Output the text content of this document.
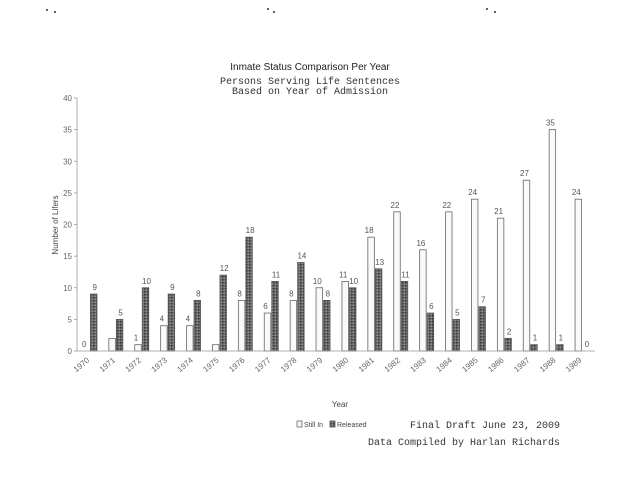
Inmate Status Comparison Per Year
Persons Serving Life Sentences
Based on Year of Admission
0
5
10
15
20
25
30
35
40
Number of Lifers
0
9
5
1
10
4
9
4
8
12
8
18
6
11
8
14
10
8
11
10
18
13
22
11
16
6
22
5
24
7
21
2
27
1
35
1
24
0
1970 1971 1972 1973 1974 1975 1976 1977 1978 1979 1980 1981 1982 1983 1984 1985 1986 1987 1988 1989
Year
Still In Released	Final Draft June 23, 2009
Data Compiled by Harlan Richards
